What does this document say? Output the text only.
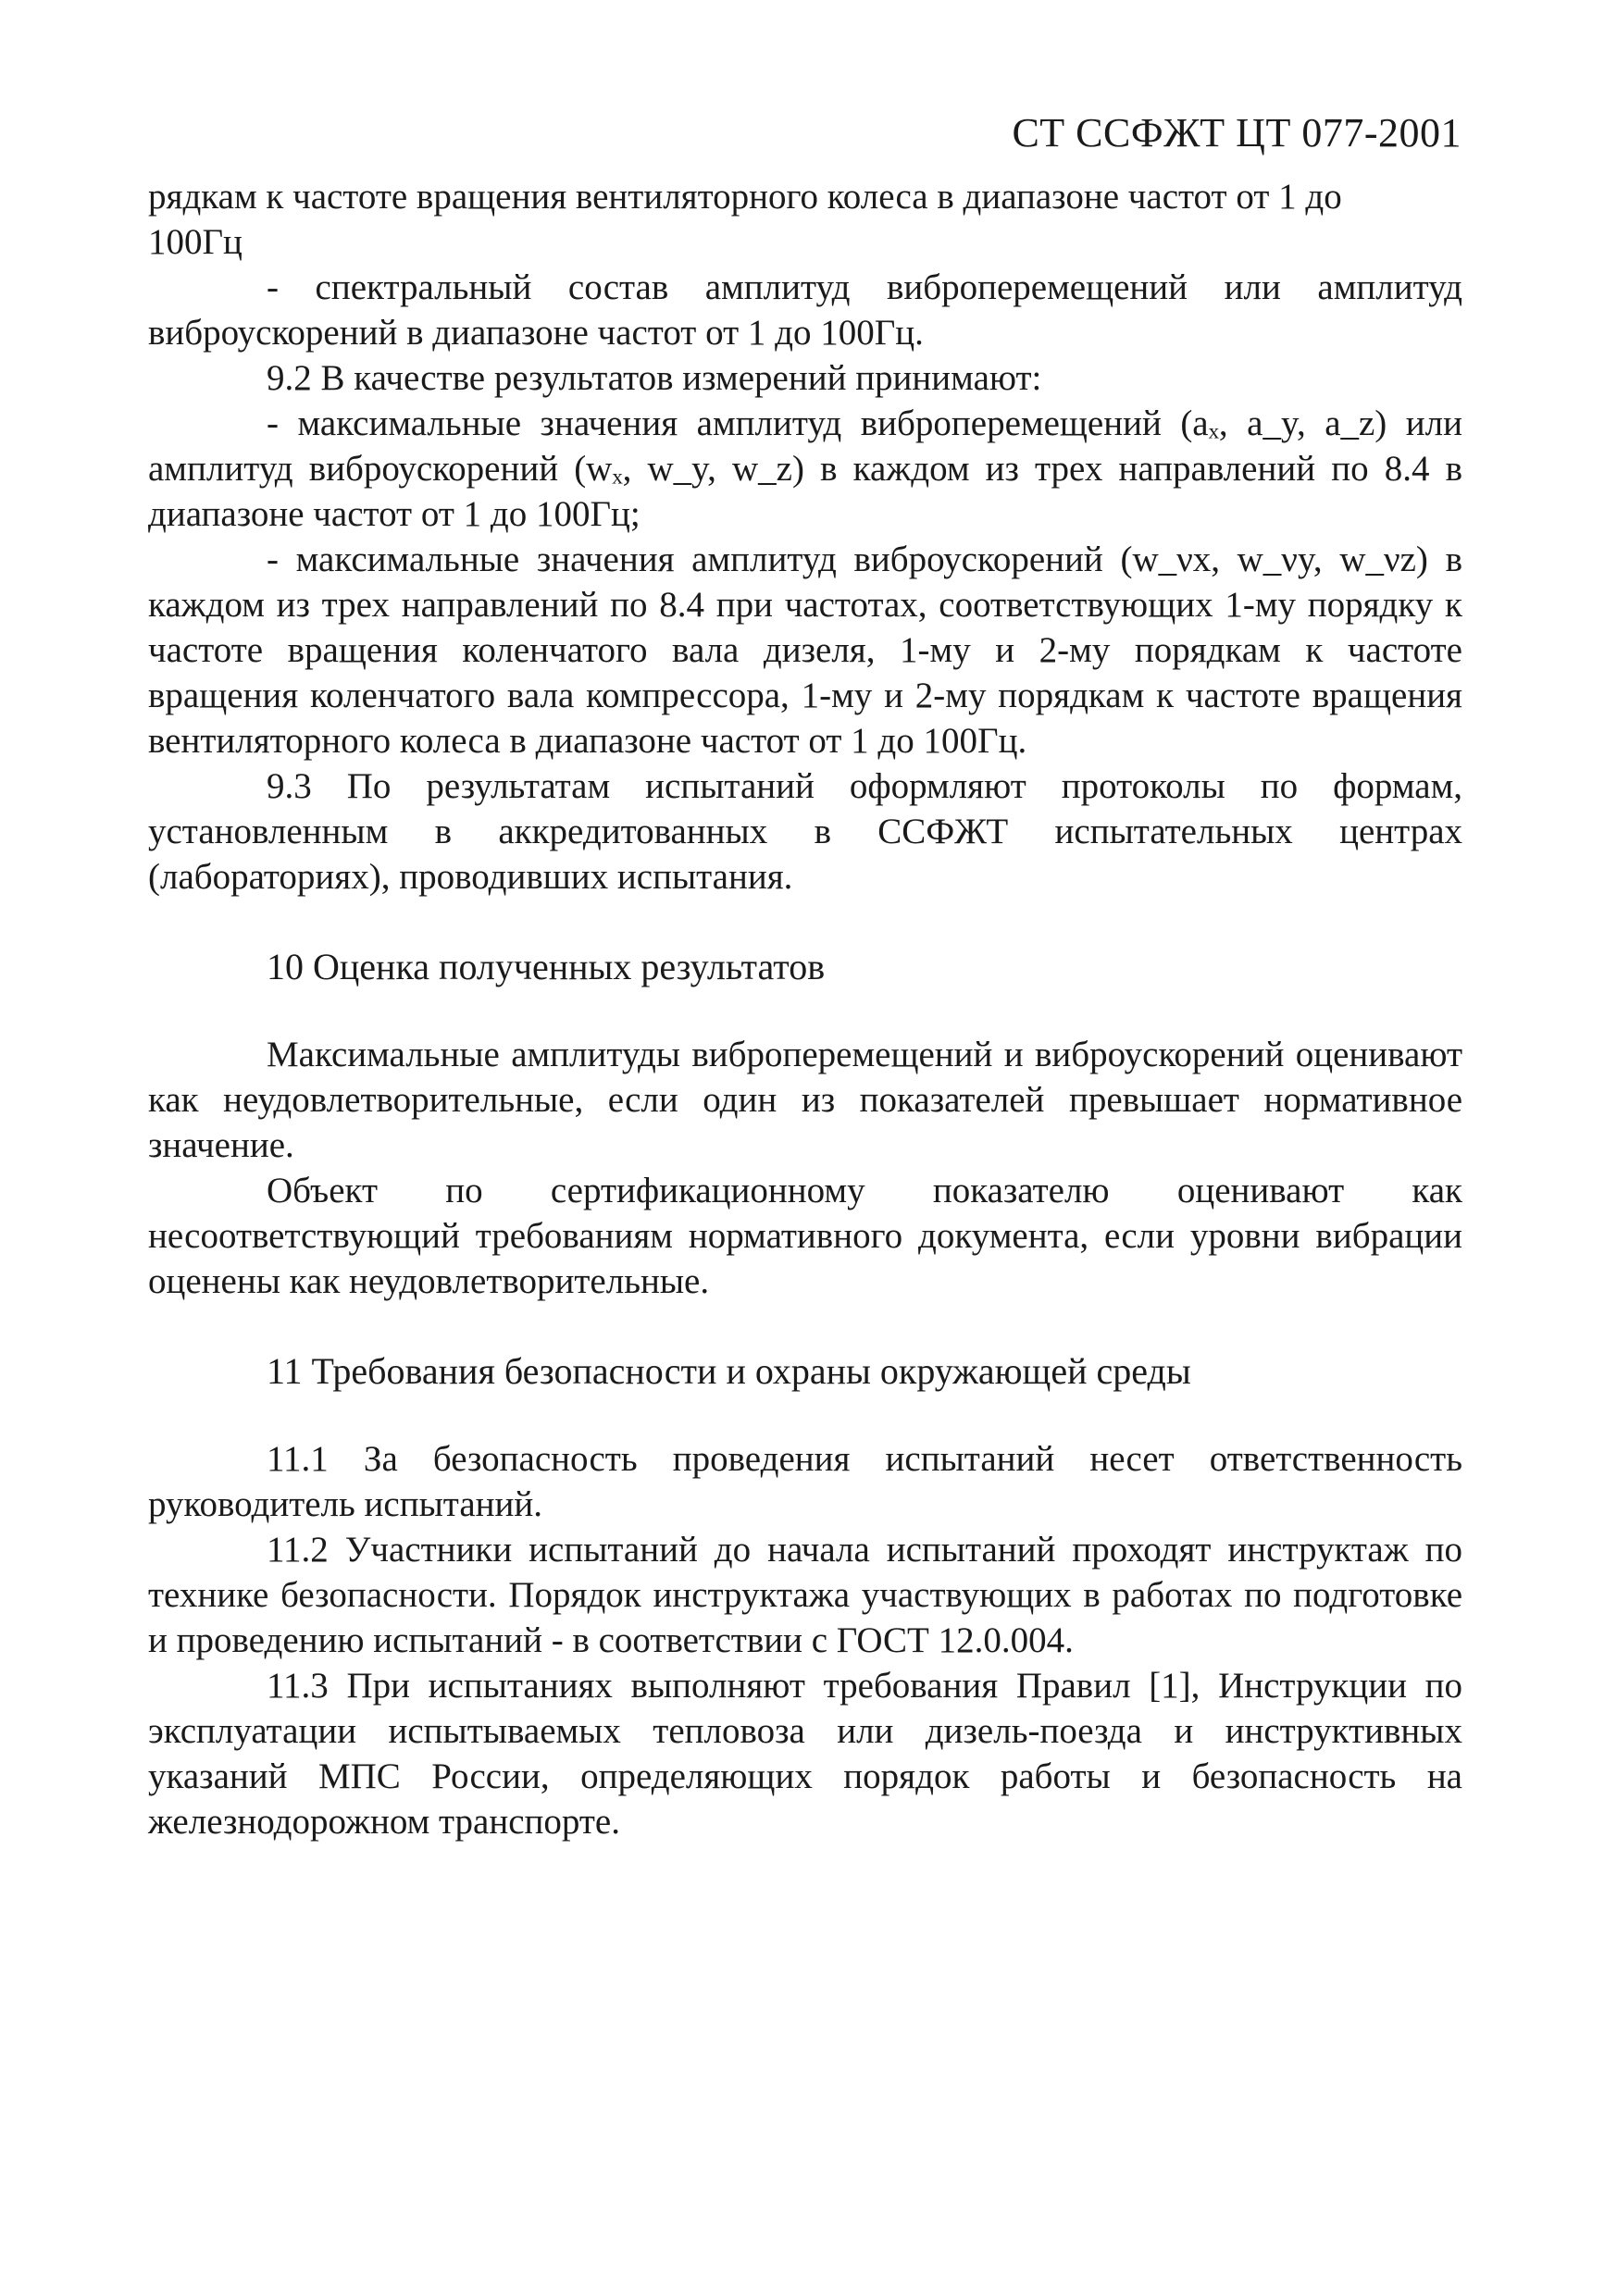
СТ ССФЖТ ЦТ 077-2001

рядкам к частоте вращения вентиляторного колеса в диапазоне частот от 1 до

100Гц

- спектральный состав амплитуд виброперемещений или амплитуд виброускорений в диапазоне частот от 1 до 100Гц.

9.2 В качестве результатов измерений принимают:

- максимальные значения амплитуд виброперемещений (aₓ, a_y, a_z) или амплитуд виброускорений (wₓ, w_y, w_z) в каждом из трех направлений по 8.4 в диапазоне частот от 1 до 100Гц;

- максимальные значения амплитуд виброускорений (w_νx, w_νy, w_νz) в каждом из трех направлений по 8.4 при частотах, соответствующих 1-му порядку к частоте вращения коленчатого вала дизеля, 1-му и 2-му порядкам к частоте вращения коленчатого вала компрессора, 1-му и 2-му порядкам к частоте вращения вентиляторного колеса в диапазоне частот от 1 до 100Гц.

9.3 По результатам испытаний оформляют протоколы по формам, установленным в аккредитованных в ССФЖТ испытательных центрах (лабораториях), проводивших испытания.

10 Оценка полученных результатов

Максимальные амплитуды виброперемещений и виброускорений оценивают как неудовлетворительные, если один из показателей превышает нормативное значение.

Объект по сертификационному показателю оценивают как несоответствующий требованиям нормативного документа, если уровни вибрации оценены как неудовлетворительные.

11 Требования безопасности и охраны окружающей среды

11.1 За безопасность проведения испытаний несет ответственность руководитель испытаний.

11.2 Участники испытаний до начала испытаний проходят инструктаж по технике безопасности. Порядок инструктажа участвующих в работах по подготовке и проведению испытаний - в соответствии с ГОСТ 12.0.004.

11.3 При испытаниях выполняют требования Правил [1], Инструкции по эксплуатации испытываемых тепловоза или дизель-поезда и инструктивных указаний МПС России, определяющих порядок работы и безопасность на железнодорожном транспорте.
